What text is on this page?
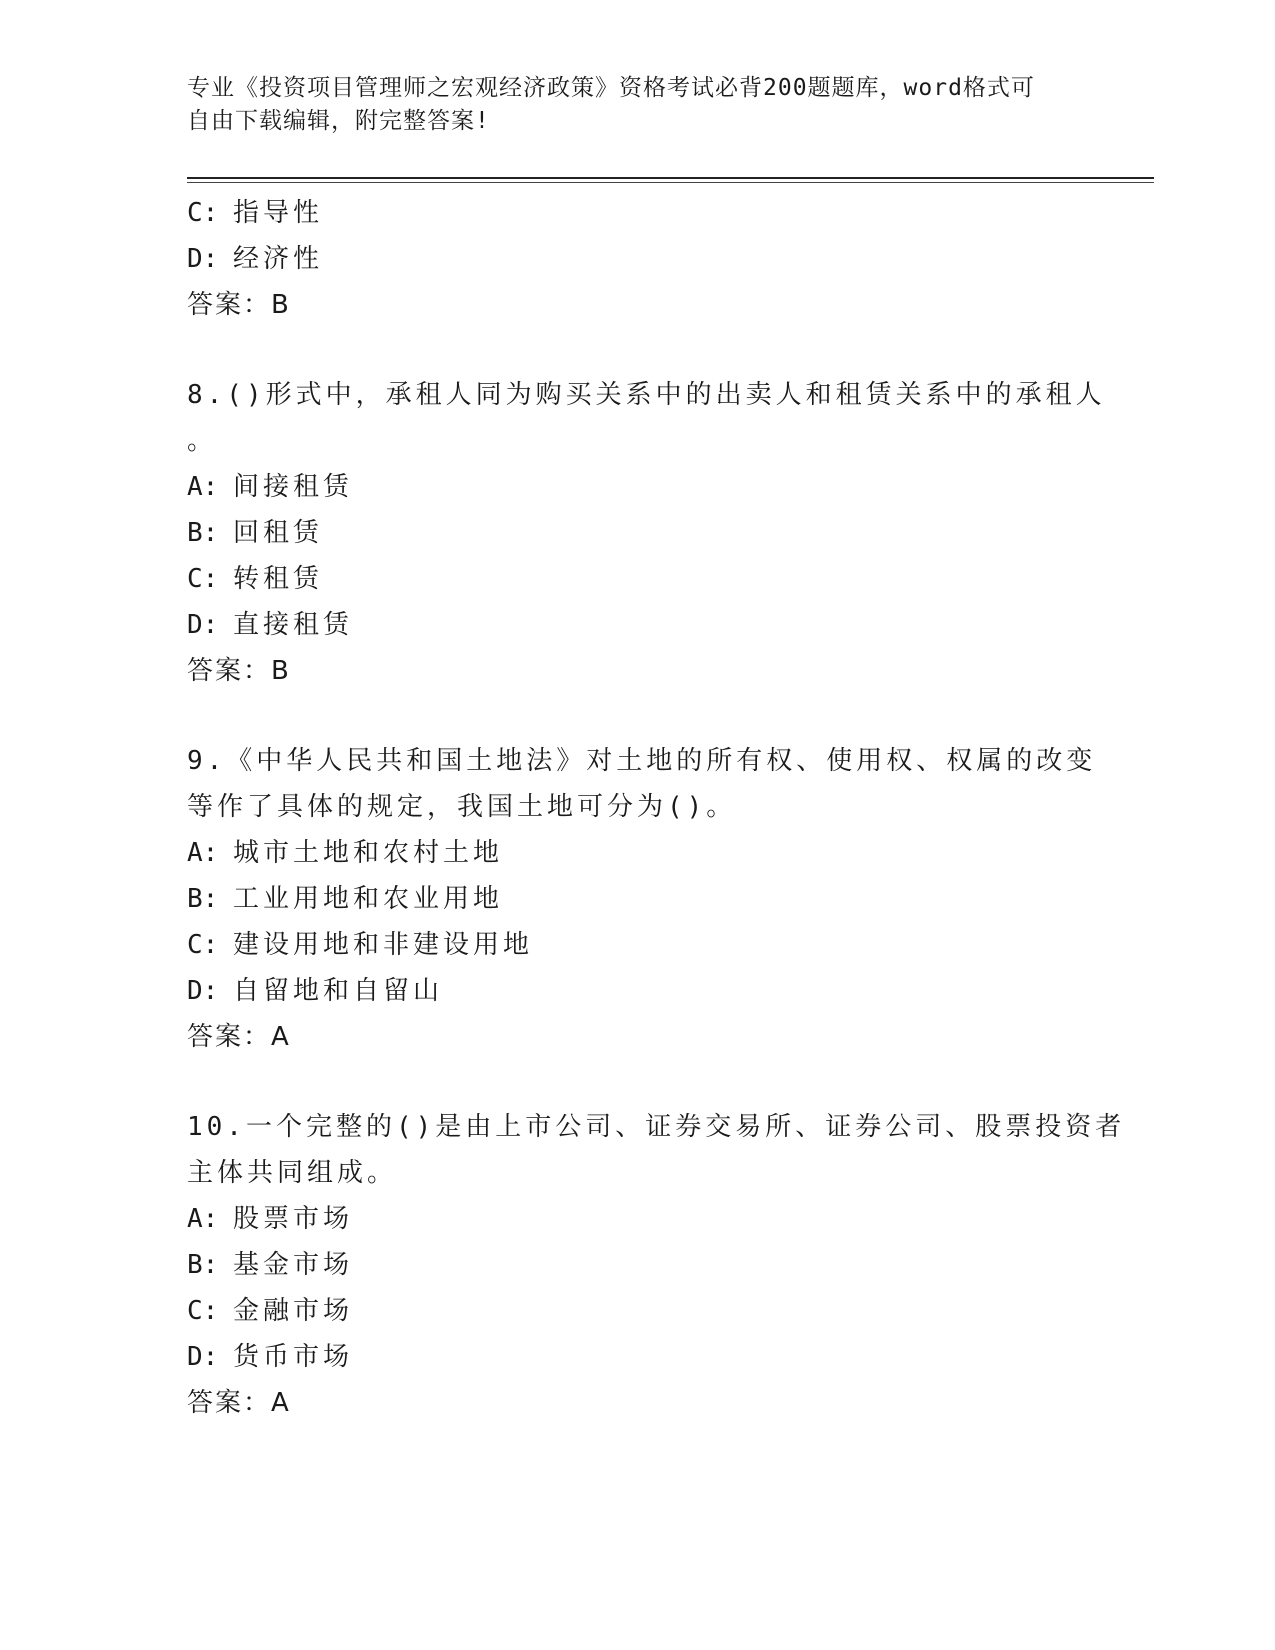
专业《投资项目管理师之宏观经济政策》资格考试必背200题题库，word格式可
自由下载编辑，附完整答案!
C: 指导性
D: 经济性
答案：B
8.()形式中，承租人同为购买关系中的出卖人和租赁关系中的承租人
。
A: 间接租赁
B: 回租赁
C: 转租赁
D: 直接租赁
答案：B
9.《中华人民共和国土地法》对土地的所有权、使用权、权属的改变
等作了具体的规定，我国土地可分为()。
A: 城市土地和农村土地
B: 工业用地和农业用地
C: 建设用地和非建设用地
D: 自留地和自留山
答案：A
10.一个完整的()是由上市公司、证券交易所、证券公司、股票投资者
主体共同组成。
A: 股票市场
B: 基金市场
C: 金融市场
D: 货币市场
答案：A
